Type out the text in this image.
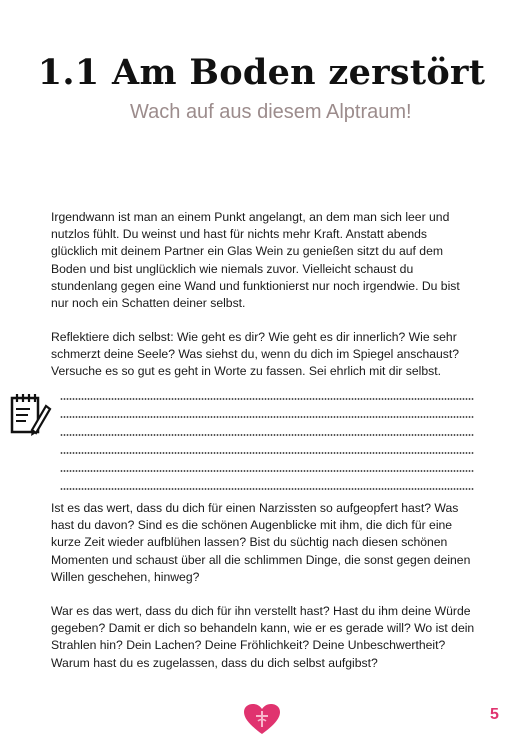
1.1 Am Boden zerstört
Wach auf aus diesem Alptraum!

Irgendwann ist man an einem Punkt angelangt, an dem man sich leer und nutzlos fühlt. Du weinst und hast für nichts mehr Kraft. Anstatt abends glücklich mit deinem Partner ein Glas Wein zu genießen sitzt du auf dem Boden und bist unglücklich wie niemals zuvor. Vielleicht schaust du stundenlang gegen eine Wand und funktionierst nur noch irgendwie. Du bist nur noch ein Schatten deiner selbst.

Reflektiere dich selbst: Wie geht es dir? Wie geht es dir innerlich? Wie sehr schmerzt deine Seele? Was siehst du, wenn du dich im Spiegel anschaust? Versuche es so gut es geht in Worte zu fassen. Sei ehrlich mit dir selbst.

Ist es das wert, dass du dich für einen Narzissten so aufgeopfert hast? Was hast du davon? Sind es die schönen Augenblicke mit ihm, die dich für eine kurze Zeit wieder aufblühen lassen? Bist du süchtig nach diesen schönen Momenten und schaust über all die schlimmen Dinge, die sonst gegen deinen Willen geschehen, hinweg?

War es das wert, dass du dich für ihn verstellt hast? Hast du ihm deine Würde gegeben? Damit er dich so behandeln kann, wie er es gerade will? Wo ist dein Strahlen hin? Dein Lachen? Deine Fröhlichkeit? Deine Unbeschwertheit? Warum hast du es zugelassen, dass du dich selbst aufgibst?

5
